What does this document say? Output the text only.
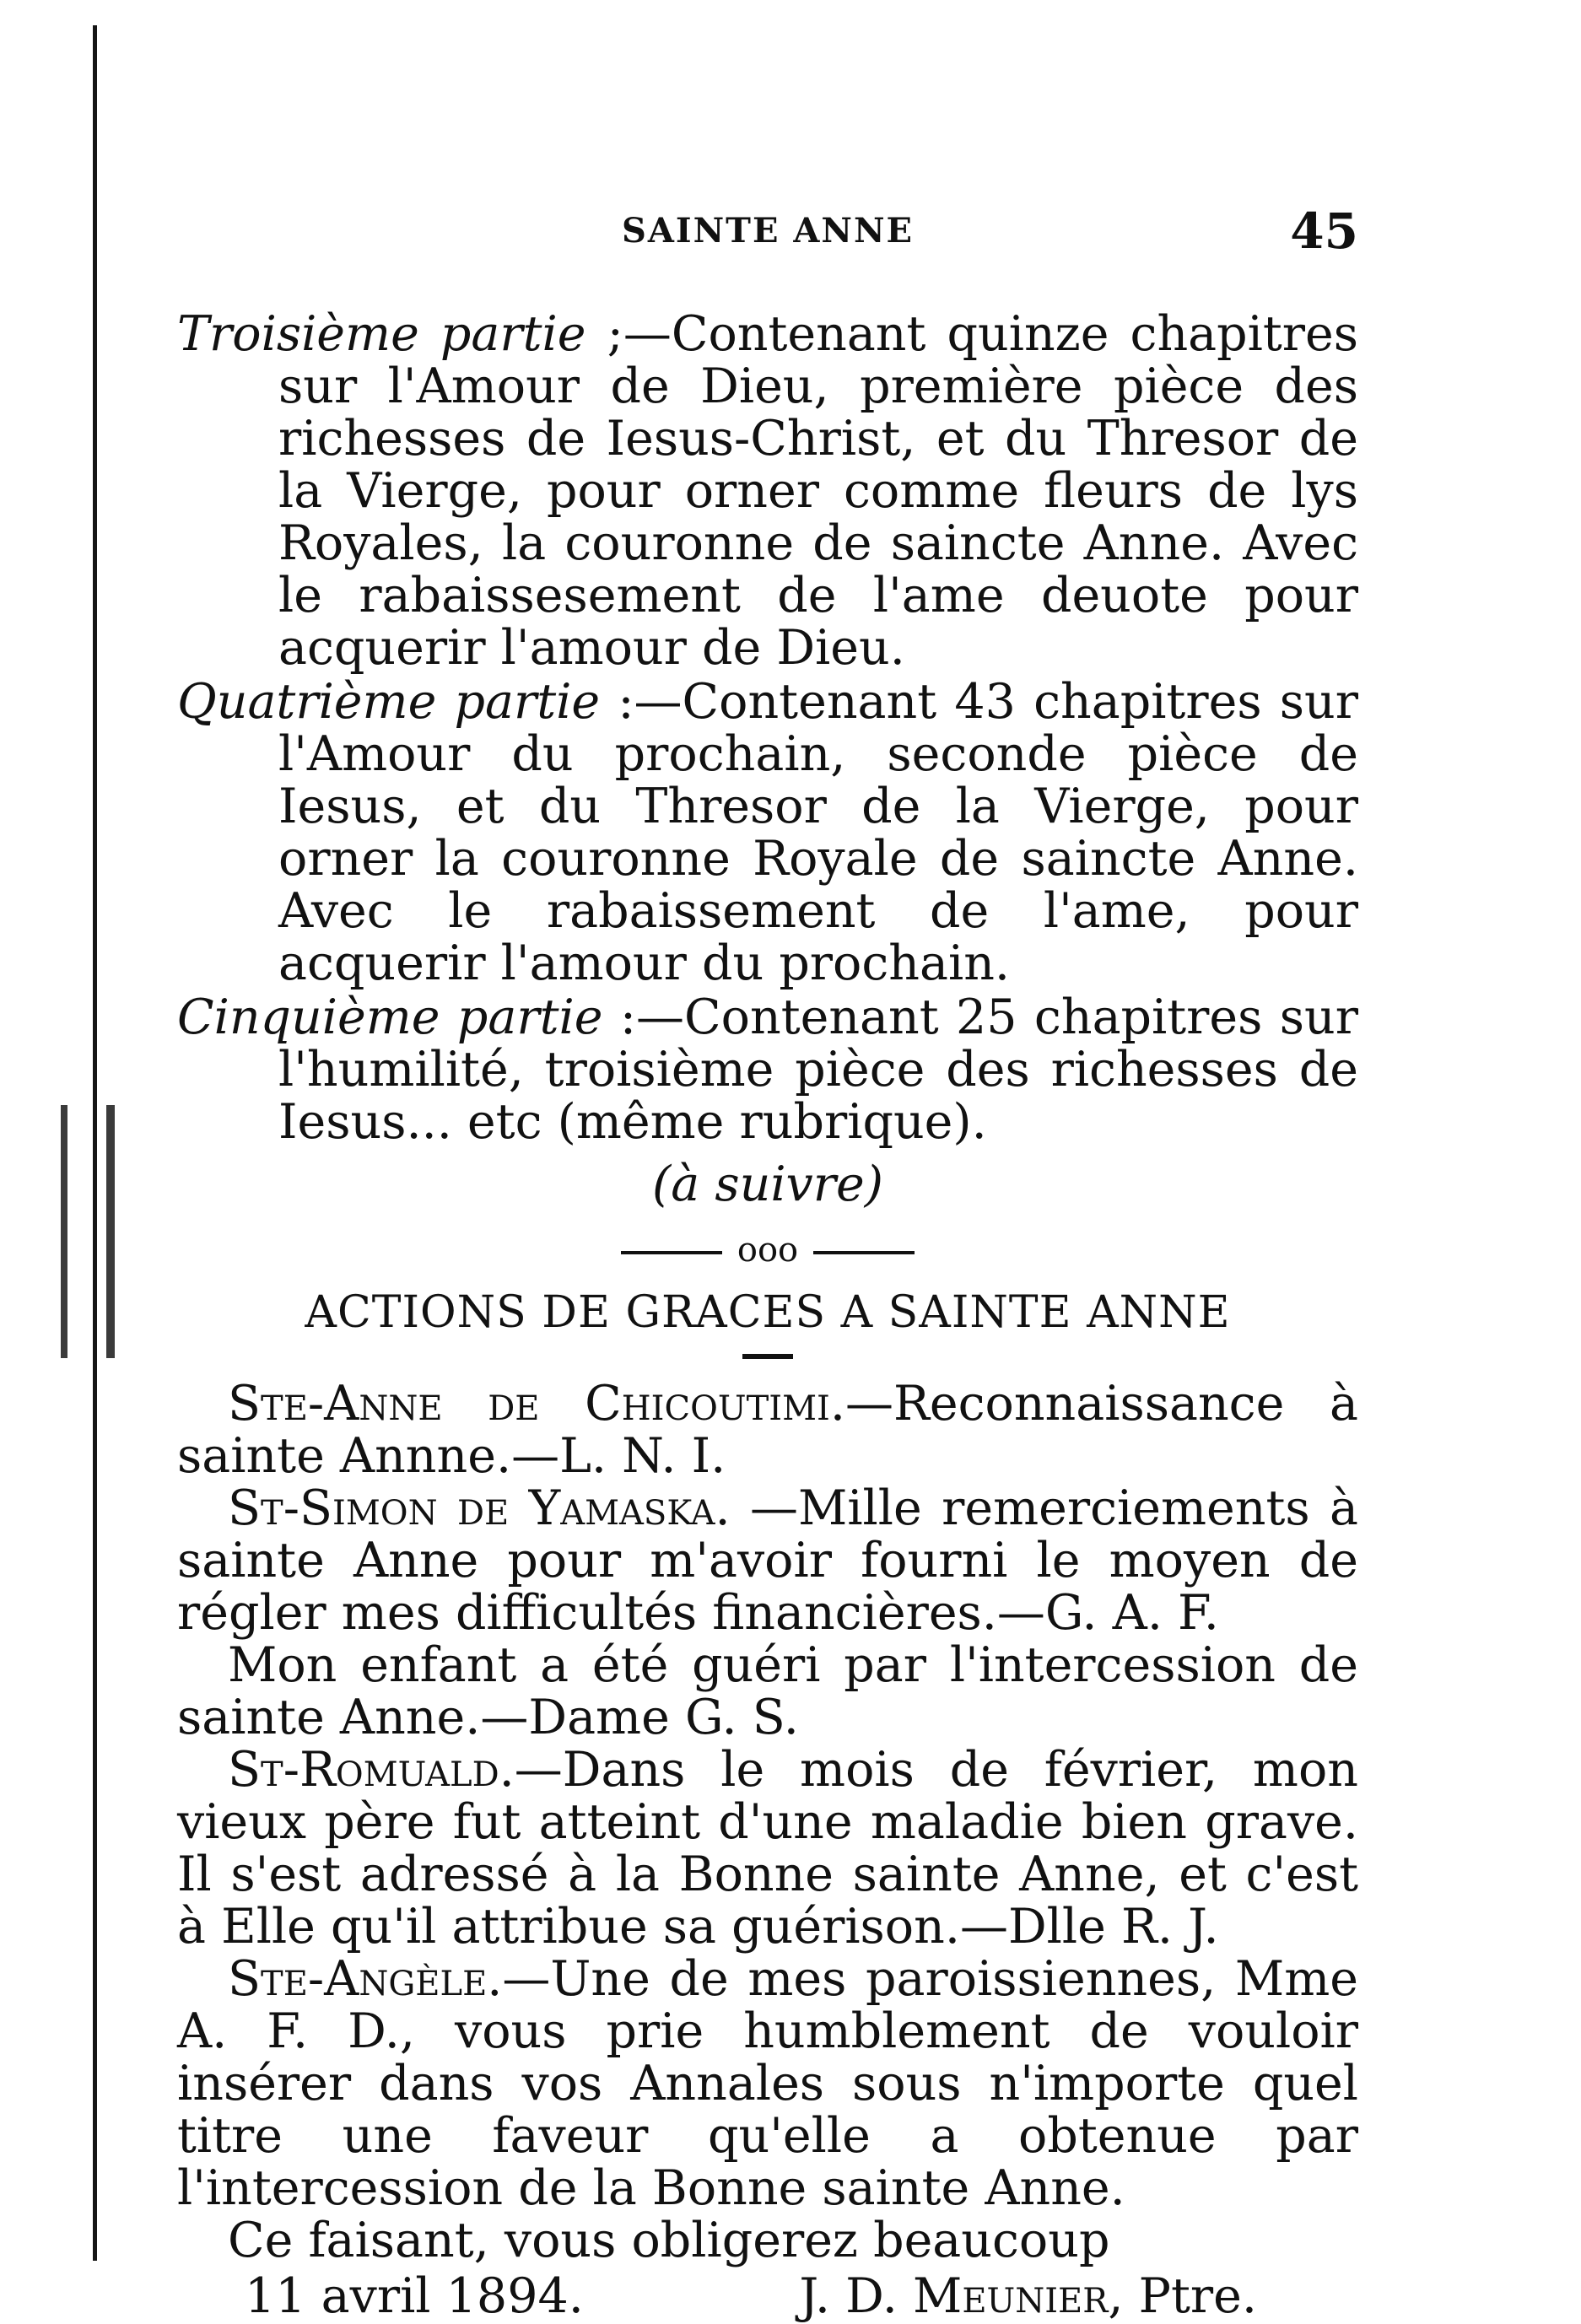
SAINTE ANNE	45

Troisième partie ;—Contenant quinze chapitres sur l'Amour de Dieu, première pièce des richesses de Iesus-Christ, et du Thresor de la Vierge, pour orner comme fleurs de lys Royales, la couronne de saincte Anne. Avec le rabaissesement de l'ame deuote pour acquerir l'amour de Dieu.

Quatrième partie :—Contenant 43 chapitres sur l'Amour du prochain, seconde pièce de Iesus, et du Thresor de la Vierge, pour orner la couronne Royale de saincte Anne. Avec le rabaissement de l'ame, pour acquerir l'amour du prochain.

Cinquième partie :—Contenant 25 chapitres sur l'humilité, troisième pièce des richesses de Iesus... etc (même rubrique).

(à suivre)
ooo
ACTIONS DE GRACES A SAINTE ANNE

Ste-Anne de Chicoutimi.—Reconnaissance à sainte Annne.—L. N. I.

St-Simon de Yamaska. —Mille remerciements à sainte Anne pour m'avoir fourni le moyen de régler mes difficultés financières.—G. A. F.

Mon enfant a été guéri par l'intercession de sainte Anne.—Dame G. S.

St-Romuald.—Dans le mois de février, mon vieux père fut atteint d'une maladie bien grave. Il s'est adressé à la Bonne sainte Anne, et c'est à Elle qu'il attribue sa guérison.—Dlle R. J.

Ste-Angèle.—Une de mes paroissiennes, Mme A. F. D., vous prie humblement de vouloir insérer dans vos Annales sous n'importe quel titre une faveur qu'elle a obtenue par l'intercession de la Bonne sainte Anne.

Ce faisant, vous obligerez beaucoup

11 avril 1894.	J. D. Meunier, Ptre.
